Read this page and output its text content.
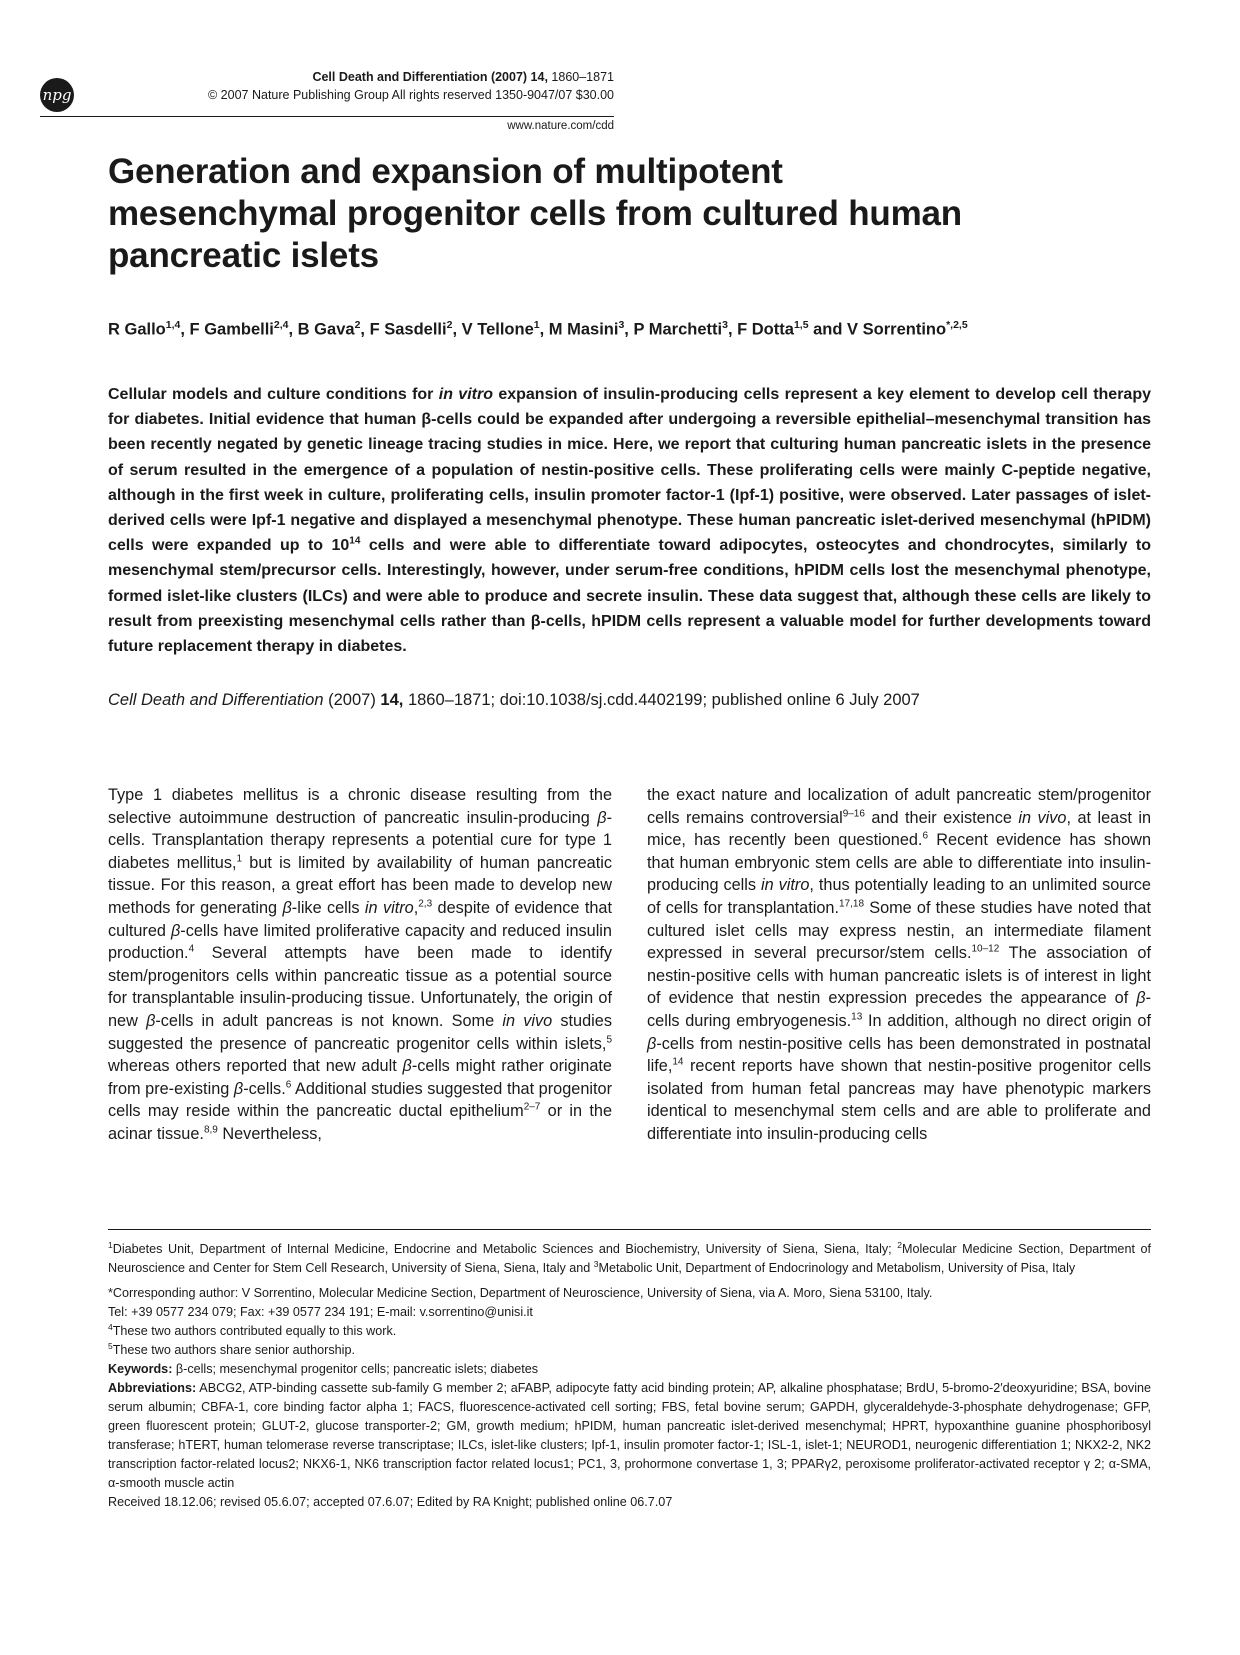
npg
Cell Death and Differentiation (2007) 14, 1860–1871
© 2007 Nature Publishing Group All rights reserved 1350-9047/07 $30.00
www.nature.com/cdd
Generation and expansion of multipotent
mesenchymal progenitor cells from cultured human
pancreatic islets
R Gallo$^{1,4}$, F Gambelli$^{2,4}$, B Gava$^2$, F Sasdelli$^2$, V Tellone$^1$, M Masini$^3$, P Marchetti$^3$, F Dotta$^{1,5}$ and V Sorrentino$^{*,2,5}$
Cellular models and culture conditions for in vitro expansion of insulin-producing cells represent a key element to develop cell therapy for diabetes. Initial evidence that human β-cells could be expanded after undergoing a reversible epithelial–mesenchymal transition has been recently negated by genetic lineage tracing studies in mice. Here, we report that culturing human pancreatic islets in the presence of serum resulted in the emergence of a population of nestin-positive cells. These proliferating cells were mainly C-peptide negative, although in the first week in culture, proliferating cells, insulin promoter factor-1 (Ipf-1) positive, were observed. Later passages of islet-derived cells were Ipf-1 negative and displayed a mesenchymal phenotype. These human pancreatic islet-derived mesenchymal (hPIDM) cells were expanded up to $10^{14}$ cells and were able to differentiate toward adipocytes, osteocytes and chondrocytes, similarly to mesenchymal stem/precursor cells. Interestingly, however, under serum-free conditions, hPIDM cells lost the mesenchymal phenotype, formed islet-like clusters (ILCs) and were able to produce and secrete insulin. These data suggest that, although these cells are likely to result from preexisting mesenchymal cells rather than β-cells, hPIDM cells represent a valuable model for further developments toward future replacement therapy in diabetes.
Cell Death and Differentiation (2007) 14, 1860–1871; doi:10.1038/sj.cdd.4402199; published online 6 July 2007
Type 1 diabetes mellitus is a chronic disease resulting from the selective autoimmune destruction of pancreatic insulin-producing β-cells. Transplantation therapy represents a potential cure for type 1 diabetes mellitus,$^1$ but is limited by availability of human pancreatic tissue. For this reason, a great effort has been made to develop new methods for generating β-like cells in vitro,$^{2,3}$ despite of evidence that cultured β-cells have limited proliferative capacity and reduced insulin production.$^4$ Several attempts have been made to identify stem/progenitors cells within pancreatic tissue as a potential source for transplantable insulin-producing tissue. Unfortunately, the origin of new β-cells in adult pancreas is not known. Some in vivo studies suggested the presence of pancreatic progenitor cells within islets,$^5$ whereas others reported that new adult β-cells might rather originate from pre-existing β-cells.$^6$ Additional studies suggested that progenitor cells may reside within the pancreatic ductal epithelium$^{2-7}$ or in the acinar tissue.$^{8,9}$ Nevertheless,
the exact nature and localization of adult pancreatic stem/progenitor cells remains controversial$^{9-16}$ and their existence in vivo, at least in mice, has recently been questioned.$^6$ Recent evidence has shown that human embryonic stem cells are able to differentiate into insulin-producing cells in vitro, thus potentially leading to an unlimited source of cells for transplantation.$^{17,18}$ Some of these studies have noted that cultured islet cells may express nestin, an intermediate filament expressed in several precursor/stem cells.$^{10-12}$ The association of nestin-positive cells with human pancreatic islets is of interest in light of evidence that nestin expression precedes the appearance of β-cells during embryogenesis.$^{13}$ In addition, although no direct origin of β-cells from nestin-positive cells has been demonstrated in postnatal life,$^{14}$ recent reports have shown that nestin-positive progenitor cells isolated from human fetal pancreas may have phenotypic markers identical to mesenchymal stem cells and are able to proliferate and differentiate into insulin-producing cells

$^1$Diabetes Unit, Department of Internal Medicine, Endocrine and Metabolic Sciences and Biochemistry, University of Siena, Siena, Italy; $^2$Molecular Medicine Section, Department of Neuroscience and Center for Stem Cell Research, University of Siena, Siena, Italy and $^3$Metabolic Unit, Department of Endocrinology and Metabolism, University of Pisa, Italy

*Corresponding author: V Sorrentino, Molecular Medicine Section, Department of Neuroscience, University of Siena, via A. Moro, Siena 53100, Italy.

Tel: +39 0577 234 079; Fax: +39 0577 234 191; E-mail: v.sorrentino@unisi.it

$^4$These two authors contributed equally to this work.

$^5$These two authors share senior authorship.

Keywords: β-cells; mesenchymal progenitor cells; pancreatic islets; diabetes

Abbreviations: ABCG2, ATP-binding cassette sub-family G member 2; aFABP, adipocyte fatty acid binding protein; AP, alkaline phosphatase; BrdU, 5-bromo-2′deoxyuridine; BSA, bovine serum albumin; CBFA-1, core binding factor alpha 1; FACS, fluorescence-activated cell sorting; FBS, fetal bovine serum; GAPDH, glyceraldehyde-3-phosphate dehydrogenase; GFP, green fluorescent protein; GLUT-2, glucose transporter-2; GM, growth medium; hPIDM, human pancreatic islet-derived mesenchymal; HPRT, hypoxanthine guanine phosphoribosyl transferase; hTERT, human telomerase reverse transcriptase; ILCs, islet-like clusters; Ipf-1, insulin promoter factor-1; ISL-1, islet-1; NEUROD1, neurogenic differentiation 1; NKX2-2, NK2 transcription factor-related locus2; NKX6-1, NK6 transcription factor related locus1; PC1, 3, prohormone convertase 1, 3; PPARγ2, peroxisome proliferator-activated receptor γ 2; α-SMA, α-smooth muscle actin

Received 18.12.06; revised 05.6.07; accepted 07.6.07; Edited by RA Knight; published online 06.7.07
